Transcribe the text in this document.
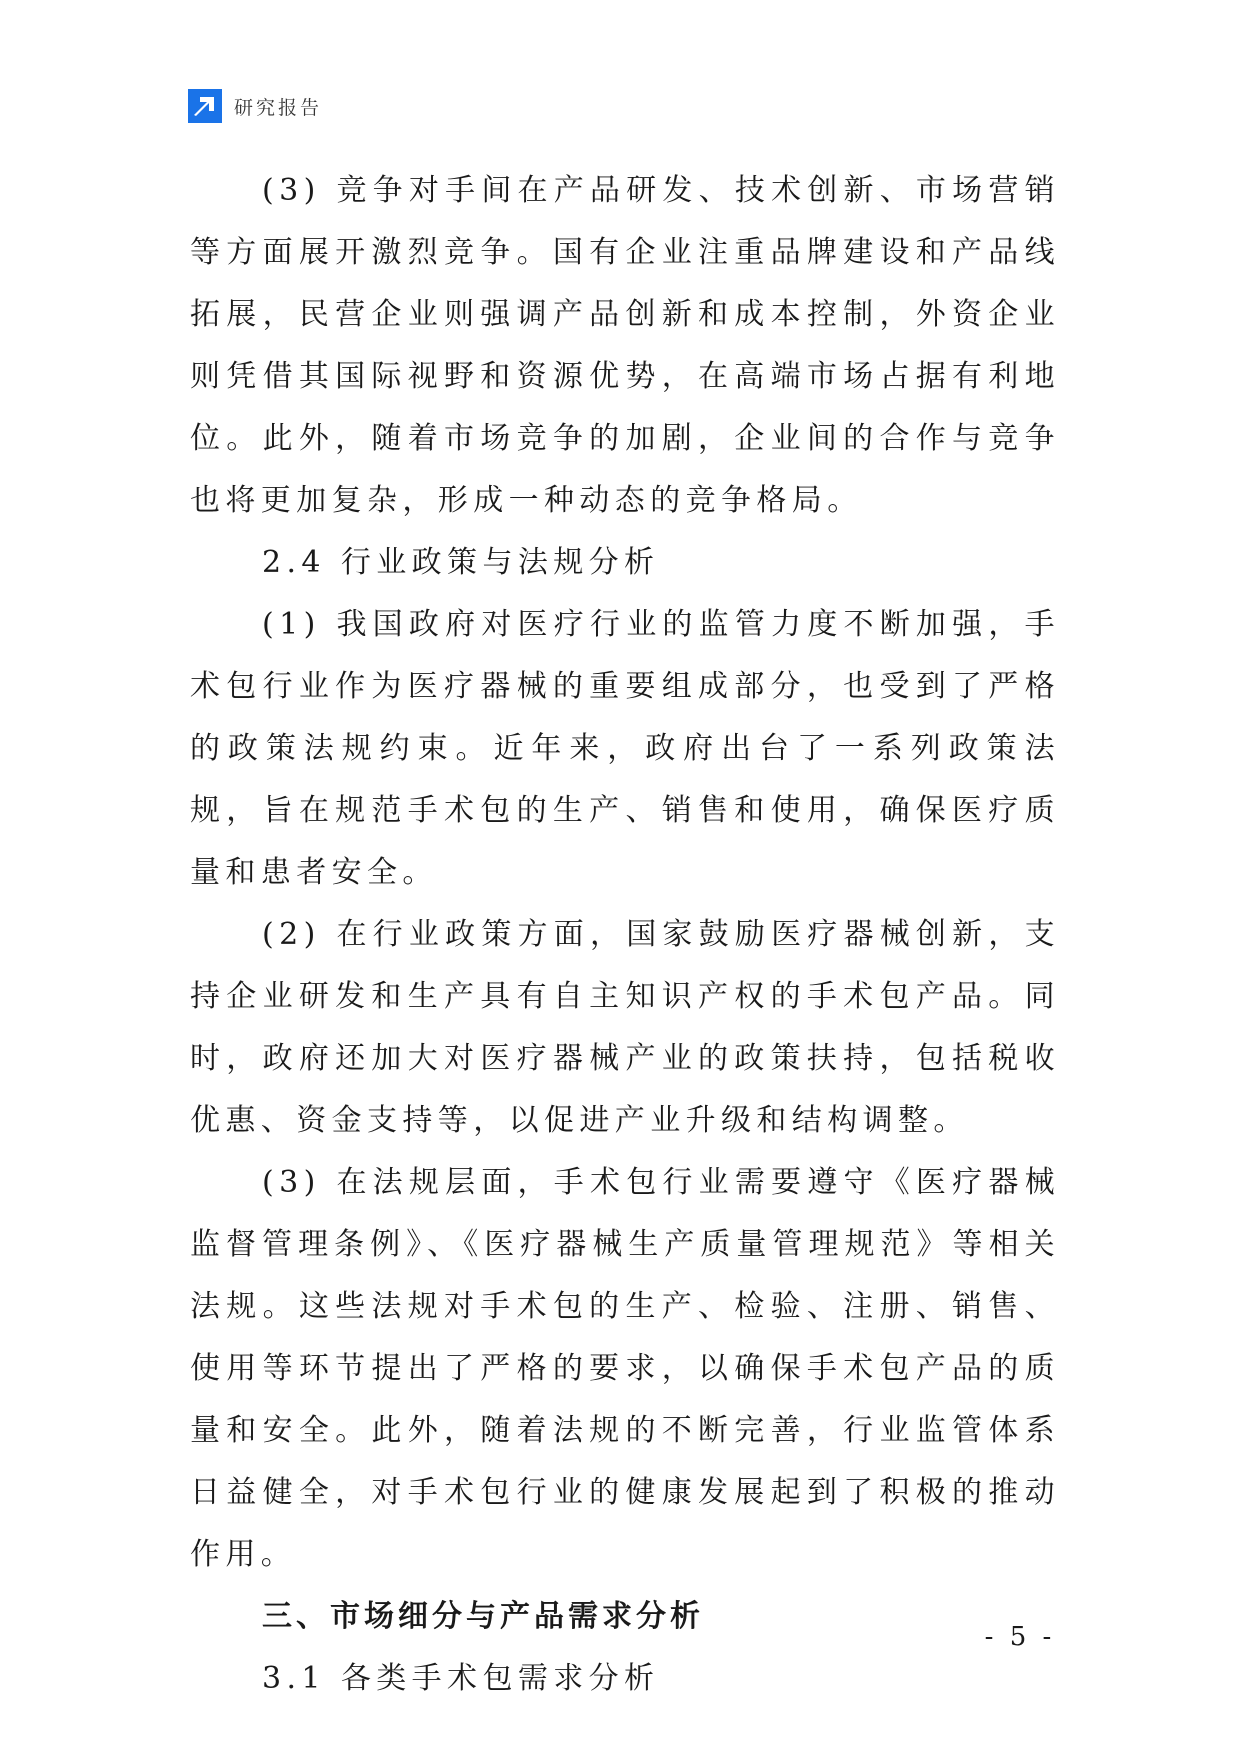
研究报告

(3) 竞争对手间在产品研发、技术创新、市场营销等方面展开激烈竞争。国有企业注重品牌建设和产品线拓展，民营企业则强调产品创新和成本控制，外资企业则凭借其国际视野和资源优势，在高端市场占据有利地位。此外，随着市场竞争的加剧，企业间的合作与竞争也将更加复杂，形成一种动态的竞争格局。

2.4 行业政策与法规分析

(1) 我国政府对医疗行业的监管力度不断加强，手术包行业作为医疗器械的重要组成部分，也受到了严格的政策法规约束。近年来，政府出台了一系列政策法规，旨在规范手术包的生产、销售和使用，确保医疗质量和患者安全。

(2) 在行业政策方面，国家鼓励医疗器械创新，支持企业研发和生产具有自主知识产权的手术包产品。同时，政府还加大对医疗器械产业的政策扶持，包括税收优惠、资金支持等，以促进产业升级和结构调整。

(3) 在法规层面，手术包行业需要遵守《医疗器械监督管理条例》、《医疗器械生产质量管理规范》等相关法规。这些法规对手术包的生产、检验、注册、销售、使用等环节提出了严格的要求，以确保手术包产品的质量和安全。此外，随着法规的不断完善，行业监管体系日益健全，对手术包行业的健康发展起到了积极的推动作用。

三、市场细分与产品需求分析

3.1 各类手术包需求分析

- 5 -
